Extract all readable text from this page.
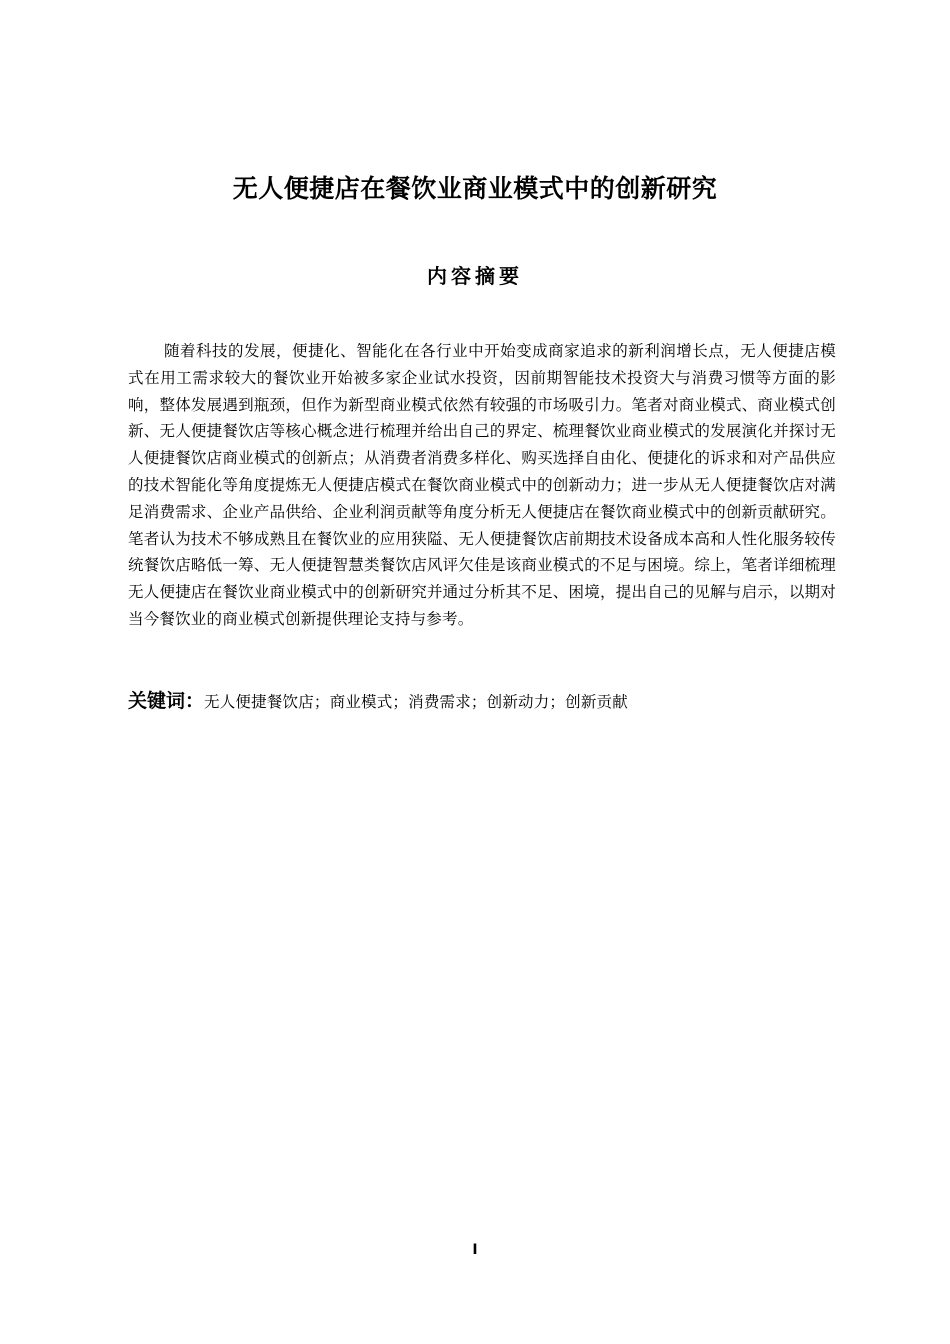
无人便捷店在餐饮业商业模式中的创新研究
内容摘要

随着科技的发展，便捷化、智能化在各行业中开始变成商家追求的新利润增长点，无人便捷店模式在用工需求较大的餐饮业开始被多家企业试水投资，因前期智能技术投资大与消费习惯等方面的影响，整体发展遇到瓶颈，但作为新型商业模式依然有较强的市场吸引力。笔者对商业模式、商业模式创新、无人便捷餐饮店等核心概念进行梳理并给出自己的界定、梳理餐饮业商业模式的发展演化并探讨无人便捷餐饮店商业模式的创新点；从消费者消费多样化、购买选择自由化、便捷化的诉求和对产品供应的技术智能化等角度提炼无人便捷店模式在餐饮商业模式中的创新动力；进一步从无人便捷餐饮店对满足消费需求、企业产品供给、企业利润贡献等角度分析无人便捷店在餐饮商业模式中的创新贡献研究。笔者认为技术不够成熟且在餐饮业的应用狭隘、无人便捷餐饮店前期技术设备成本高和人性化服务较传统餐饮店略低一筹、无人便捷智慧类餐饮店风评欠佳是该商业模式的不足与困境。综上，笔者详细梳理无人便捷店在餐饮业商业模式中的创新研究并通过分析其不足、困境，提出自己的见解与启示，以期对当今餐饮业的商业模式创新提供理论支持与参考。

关键词：无人便捷餐饮店；商业模式；消费需求；创新动力；创新贡献

I
